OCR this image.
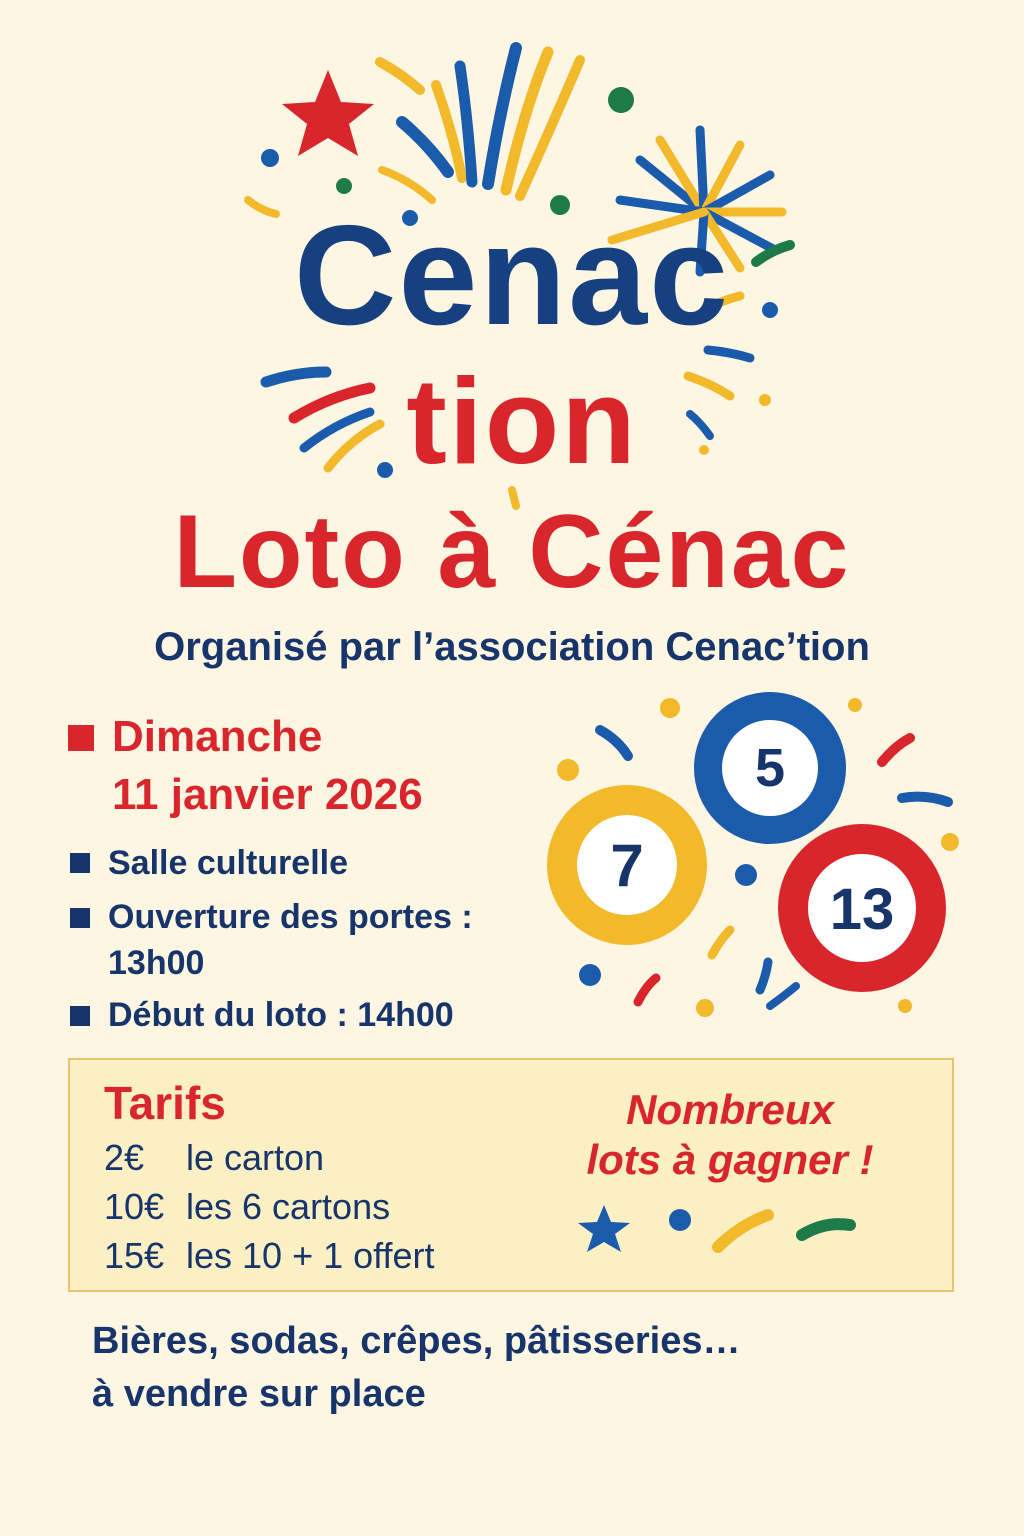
Cenac
tion
Loto à Cénac
Organisé par l’association Cenac’tion
Dimanche
11 janvier 2026
Salle culturelle
Ouverture des portes :
13h00
Début du loto : 14h00
5
7
13
Tarifs
2€ le carton
10€ les 6 cartons
15€ les 10 + 1 offert
Nombreux
lots à gagner !
Bières, sodas, crêpes, pâtisseries…
à vendre sur place
